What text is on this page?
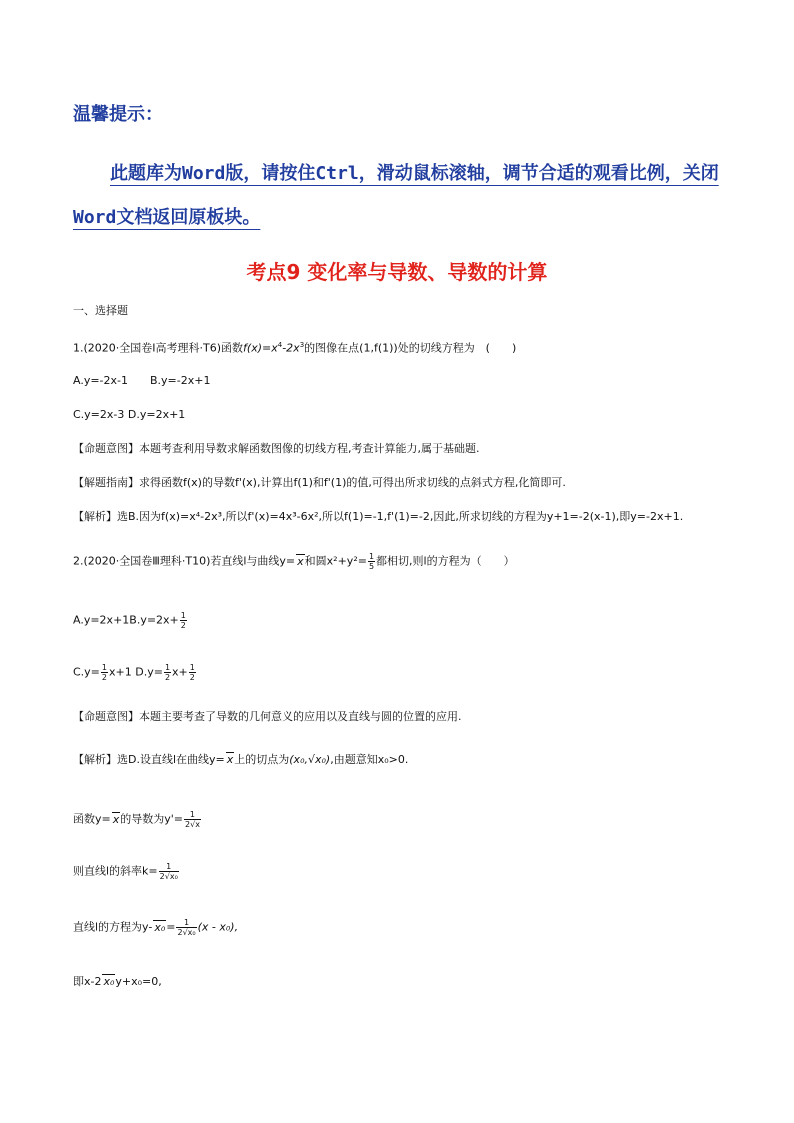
温馨提示：
此题库为Word版，请按住Ctrl，滑动鼠标滚轴，调节合适的观看比例，关闭Word文档返回原板块。
考点9 变化率与导数、导数的计算
一、选择题
1.(2020·全国卷Ⅰ高考理科·T6)函数$f(x)=x^4-2x^3$的图像在点(1,f(1))处的切线方程为　(　　)
A.y=-2x-1　　B.y=-2x+1
C.y=2x-3 D.y=2x+1
【命题意图】本题考查利用导数求解函数图像的切线方程,考查计算能力,属于基础题.
【解题指南】求得函数f(x)的导数f'(x),计算出f(1)和f'(1)的值,可得出所求切线的点斜式方程,化简即可.
【解析】选B.因为f(x)=x⁴-2x³,所以f'(x)=4x³-6x²,所以f(1)=-1,f'(1)=-2,因此,所求切线的方程为y+1=-2(x-1),即y=-2x+1.
2.(2020·全国卷Ⅲ理科·T10)若直线l与曲线y= x和圆$x^2+y^2= \frac{1}{5}$ 都相切,则l的方程为（　　）
$A.y=2x+1B.y=2x+ \frac{1}{2}$
$C.y= \frac{1}{2} x+1$ $D.y= \frac{1}{2} x+ \frac{1}{2}$
【命题意图】本题主要考查了导数的几何意义的应用以及直线与圆的位置的应用.
【解析】选D.设直线l在曲线y= x上的切点为(x₀,√x₀),由题意知x₀>0.
函数y= x的导数为$y'= \frac{1}{2√x}$
则直线l的斜率$k= \frac{1}{\text{2√x₀}}$
直线l的方程为y- $x_0= \frac{1}{\text{2√x₀}} (x - x_0)$,
即x-2 x₀y+x₀=0,
